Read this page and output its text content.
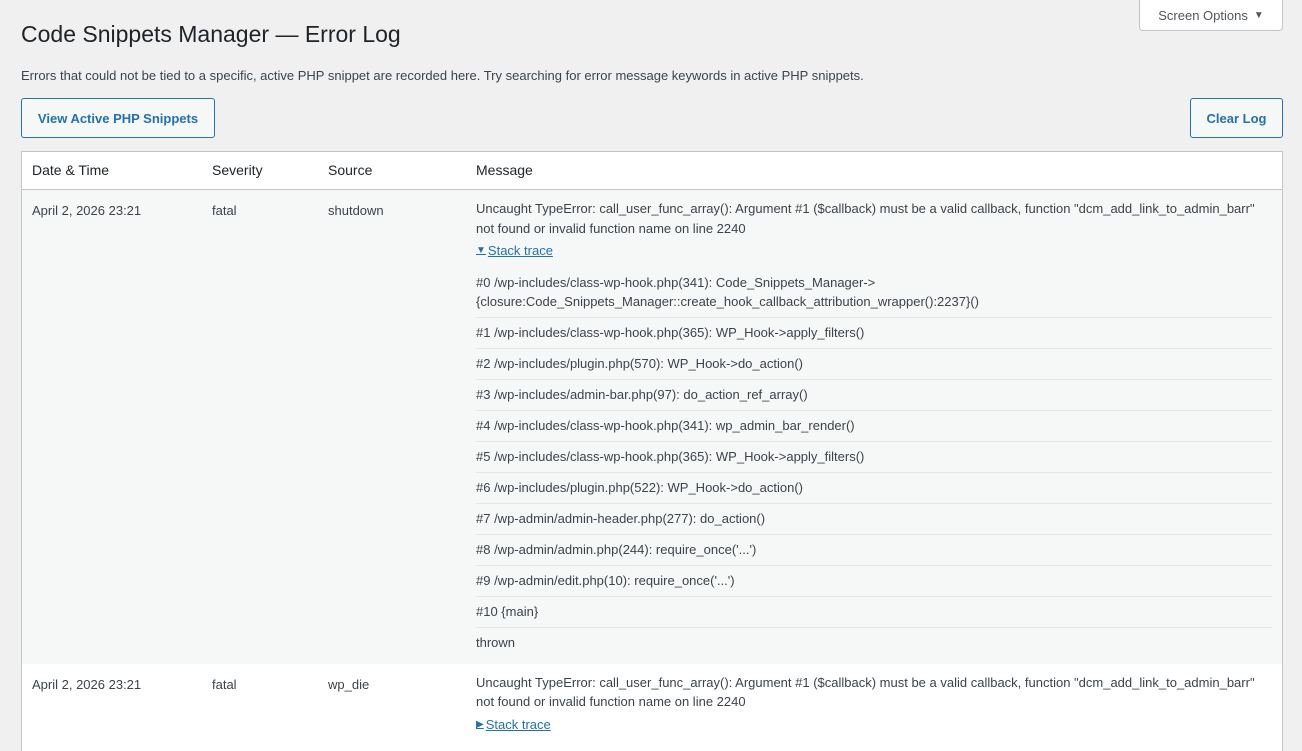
Screen Options ▼
Code Snippets Manager — Error Log

Errors that could not be tied to a specific, active PHP snippet are recorded here. Try searching for error message keywords in active PHP snippets.

View Active PHP Snippets	Clear Log
Date & Time	Severity	Source	Message
April 2, 2026 23:21	fatal	shutdown	Uncaught TypeError: call_user_func_array(): Argument #1 ($callback) must be a valid callback, function "dcm_add_link_to_admin_barr" not found or invalid function name on line 2240
▼ Stack trace
#0 /wp-includes/class-wp-hook.php(341): Code_Snippets_Manager->{closure:Code_Snippets_Manager::create_hook_callback_attribution_wrapper():2237}()
#1 /wp-includes/class-wp-hook.php(365): WP_Hook->apply_filters()
#2 /wp-includes/plugin.php(570): WP_Hook->do_action()
#3 /wp-includes/admin-bar.php(97): do_action_ref_array()
#4 /wp-includes/class-wp-hook.php(341): wp_admin_bar_render()
#5 /wp-includes/class-wp-hook.php(365): WP_Hook->apply_filters()
#6 /wp-includes/plugin.php(522): WP_Hook->do_action()
#7 /wp-admin/admin-header.php(277): do_action()
#8 /wp-admin/admin.php(244): require_once('...')
#9 /wp-admin/edit.php(10): require_once('...')
#10 {main}
thrown
April 2, 2026 23:21	fatal	wp_die	Uncaught TypeError: call_user_func_array(): Argument #1 ($callback) must be a valid callback, function "dcm_add_link_to_admin_barr" not found or invalid function name on line 2240
▶ Stack trace
